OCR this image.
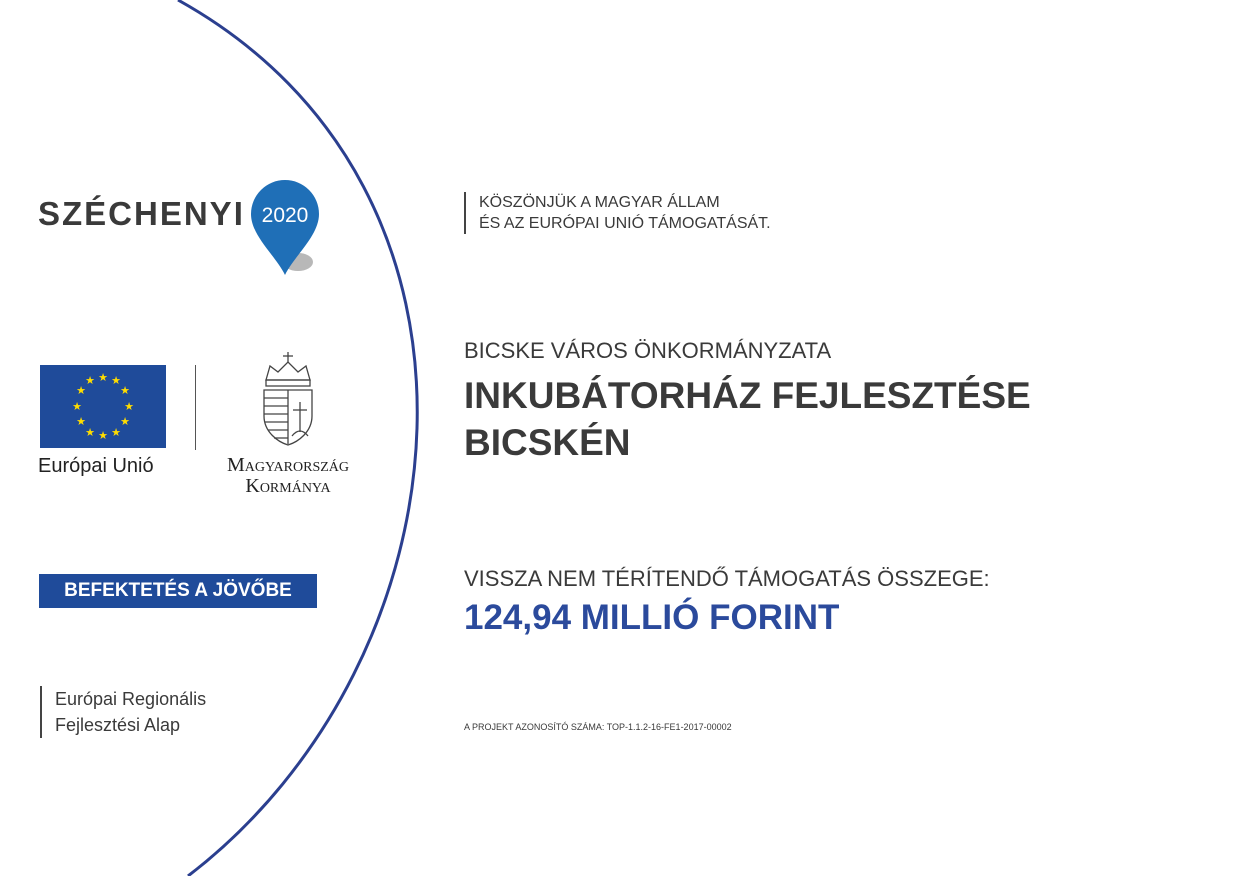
SZÉCHENYI 2020
★ ★
★
★
★
★
★
★
★
★
★
★
Európai Unió	Magyarország
Kormánya
BEFEKTETÉS A JÖVŐBE
Európai Regionális
Fejlesztési Alap
KÖSZÖNJÜK A MAGYAR ÁLLAM
ÉS AZ EURÓPAI UNIÓ TÁMOGATÁSÁT.
BICSKE VÁROS ÖNKORMÁNYZATA
INKUBÁTORHÁZ FEJLESZTÉSE
BICSKÉN
VISSZA NEM TÉRÍTENDŐ TÁMOGATÁS ÖSSZEGE:
124,94 MILLIÓ FORINT
A PROJEKT AZONOSÍTÓ SZÁMA: TOP-1.1.2-16-FE1-2017-00002
